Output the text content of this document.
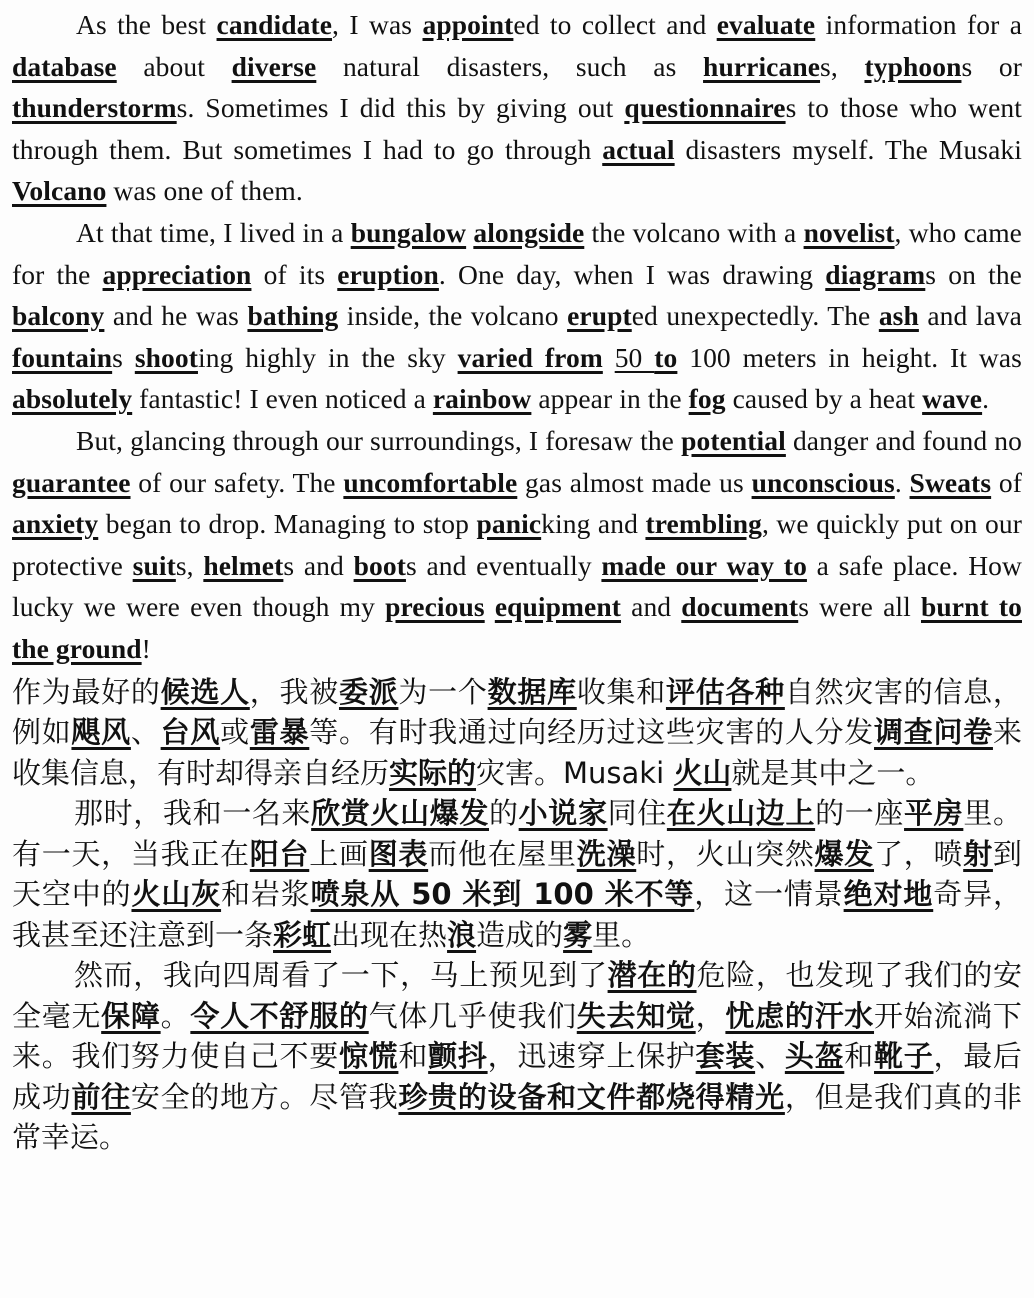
As the best candidate, I was appointed to collect and evaluate information for a database about diverse natural disasters, such as hurricanes, typhoons or thunderstorms. Sometimes I did this by giving out questionnaires to those who went through them. But sometimes I had to go through actual disasters myself. The Musaki Volcano was one of them.

At that time, I lived in a bungalow alongside the volcano with a novelist, who came for the appreciation of its eruption. One day, when I was drawing diagrams on the balcony and he was bathing inside, the volcano erupted unexpectedly. The ash and lava fountains shooting highly in the sky varied from 50 to 100 meters in height. It was absolutely fantastic! I even noticed a rainbow appear in the fog caused by a heat wave.

But, glancing through our surroundings, I foresaw the potential danger and found no guarantee of our safety. The uncomfortable gas almost made us unconscious. Sweats of anxiety began to drop. Managing to stop panicking and trembling, we quickly put on our protective suits, helmets and boots and eventually made our way to a safe place. How lucky we were even though my precious equipment and documents were all burnt to the ground!

作为最好的候选人，我被委派为一个数据库收集和评估各种自然灾害的信息，例如飓风、台风或雷暴等。有时我通过向经历过这些灾害的人分发调查问卷来收集信息，有时却得亲自经历实际的灾害。Musaki 火山就是其中之一。

那时，我和一名来欣赏火山爆发的小说家同住在火山边上的一座平房里。有一天，当我正在阳台上画图表而他在屋里洗澡时，火山突然爆发了，喷射到天空中的火山灰和岩浆喷泉从 50 米到 100 米不等，这一情景绝对地奇异，我甚至还注意到一条彩虹出现在热浪造成的雾里。

然而，我向四周看了一下，马上预见到了潜在的危险，也发现了我们的安全毫无保障。令人不舒服的气体几乎使我们失去知觉，忧虑的汗水开始流淌下来。我们努力使自己不要惊慌和颤抖，迅速穿上保护套装、头盔和靴子，最后成功前往安全的地方。尽管我珍贵的设备和文件都烧得精光，但是我们真的非常幸运。
